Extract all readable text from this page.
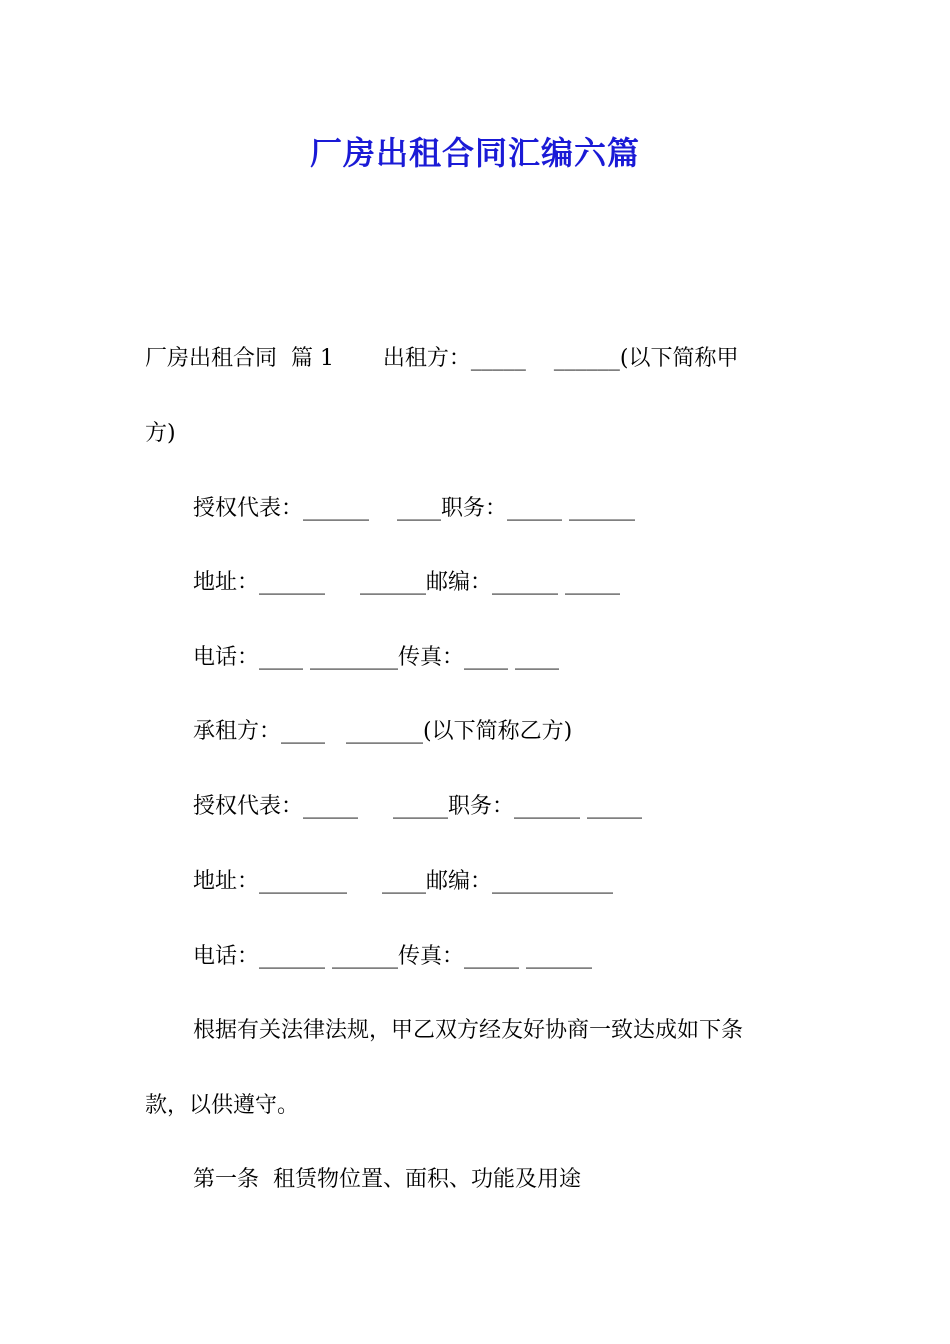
厂房出租合同汇编六篇
厂房出租合同  篇 1       出租方：_____    ______(以下简称甲
方)
授权代表：______    ____职务：_____ ______
地址：______     ______邮编：______ _____
电话：____ ________传真：____ ____
承租方：____   _______(以下简称乙方)
授权代表：_____     _____职务：______ _____
地址：________     ____邮编：___________
电话：______ ______传真：_____ ______
根据有关法律法规，甲乙双方经友好协商一致达成如下条
款，以供遵守。
第一条  租赁物位置、面积、功能及用途
